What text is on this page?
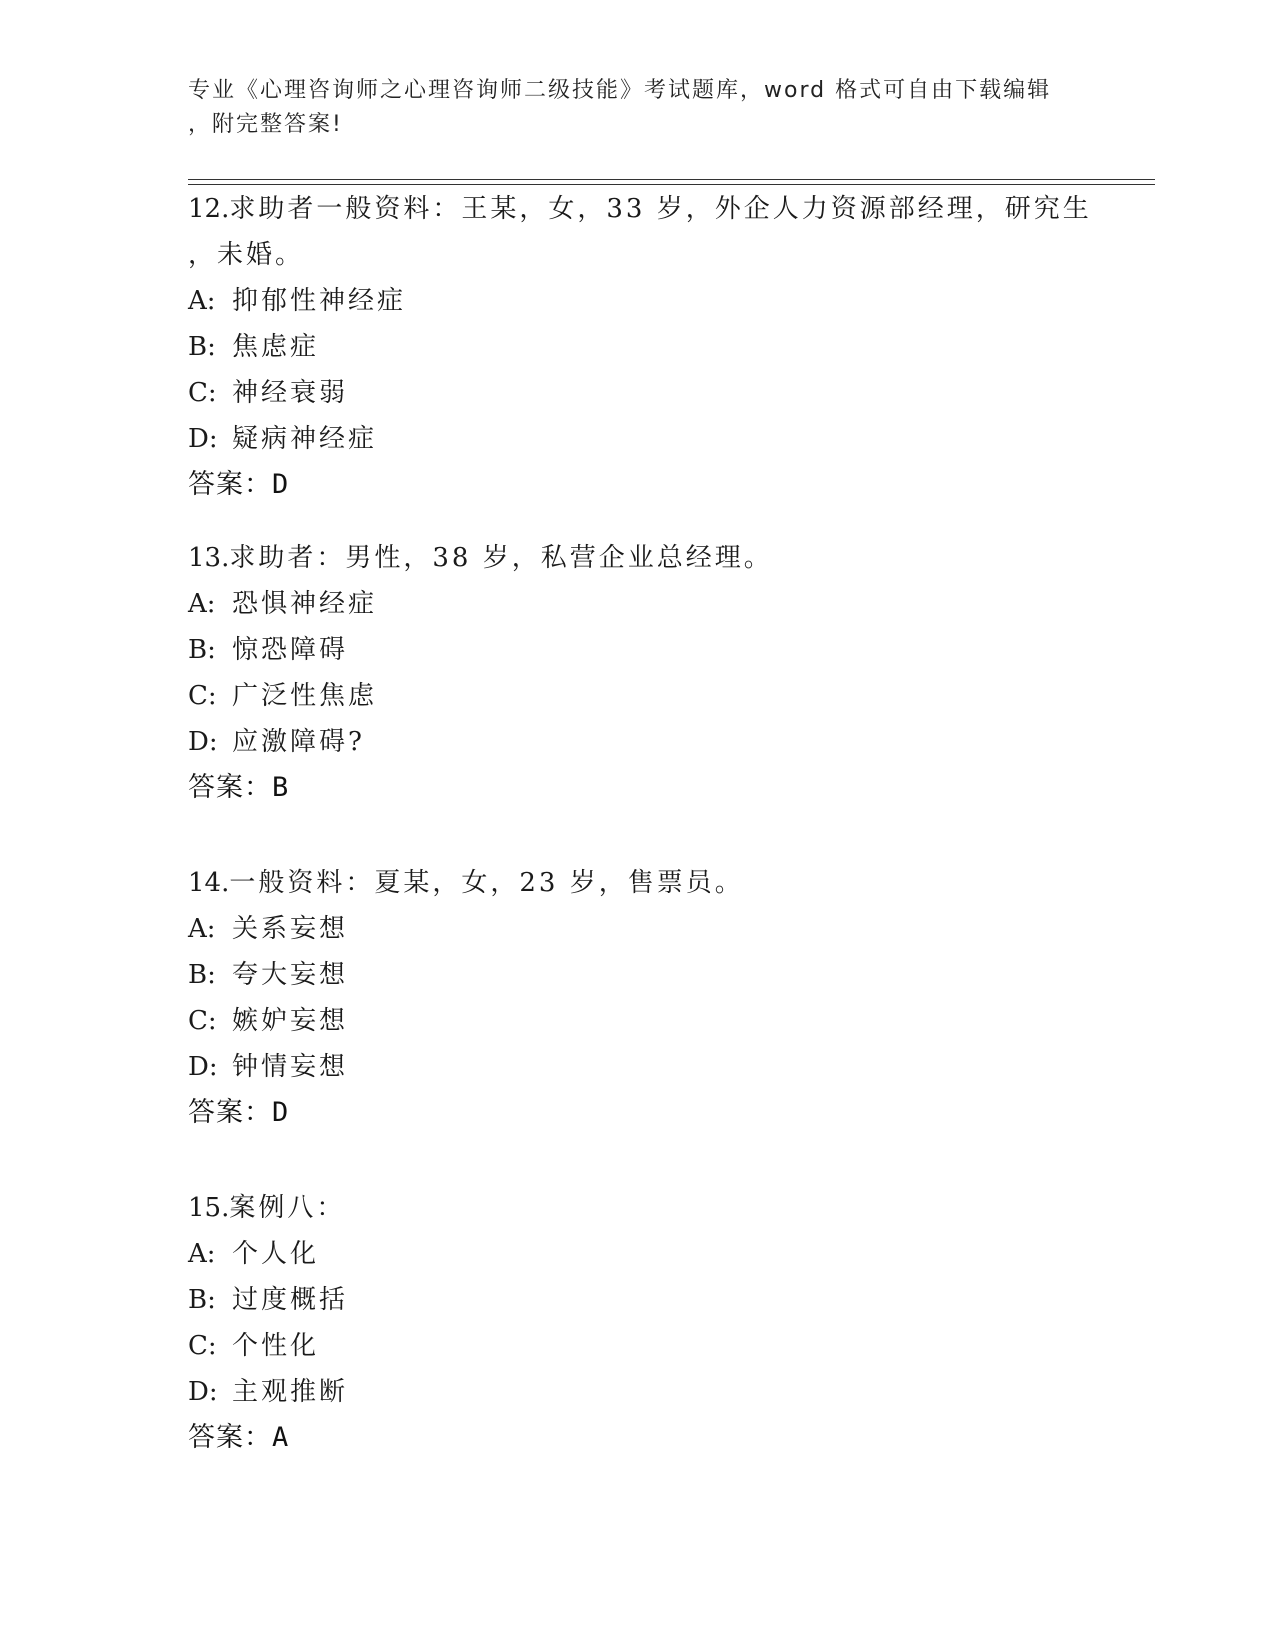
专业《心理咨询师之心理咨询师二级技能》考试题库，word 格式可自由下载编辑

，附完整答案!

12.求助者一般资料：王某，女，33 岁，外企人力资源部经理，研究生
，未婚。
A: 抑郁性神经症
B: 焦虑症
C: 神经衰弱
D: 疑病神经症
答案：D
13.求助者：男性，38 岁，私营企业总经理。
A: 恐惧神经症
B: 惊恐障碍
C: 广泛性焦虑
D: 应激障碍?
答案：B
14.一般资料：夏某，女，23 岁，售票员。
A: 关系妄想
B: 夸大妄想
C: 嫉妒妄想
D: 钟情妄想
答案：D
15.案例八：
A: 个人化
B: 过度概括
C: 个性化
D: 主观推断
答案：A
